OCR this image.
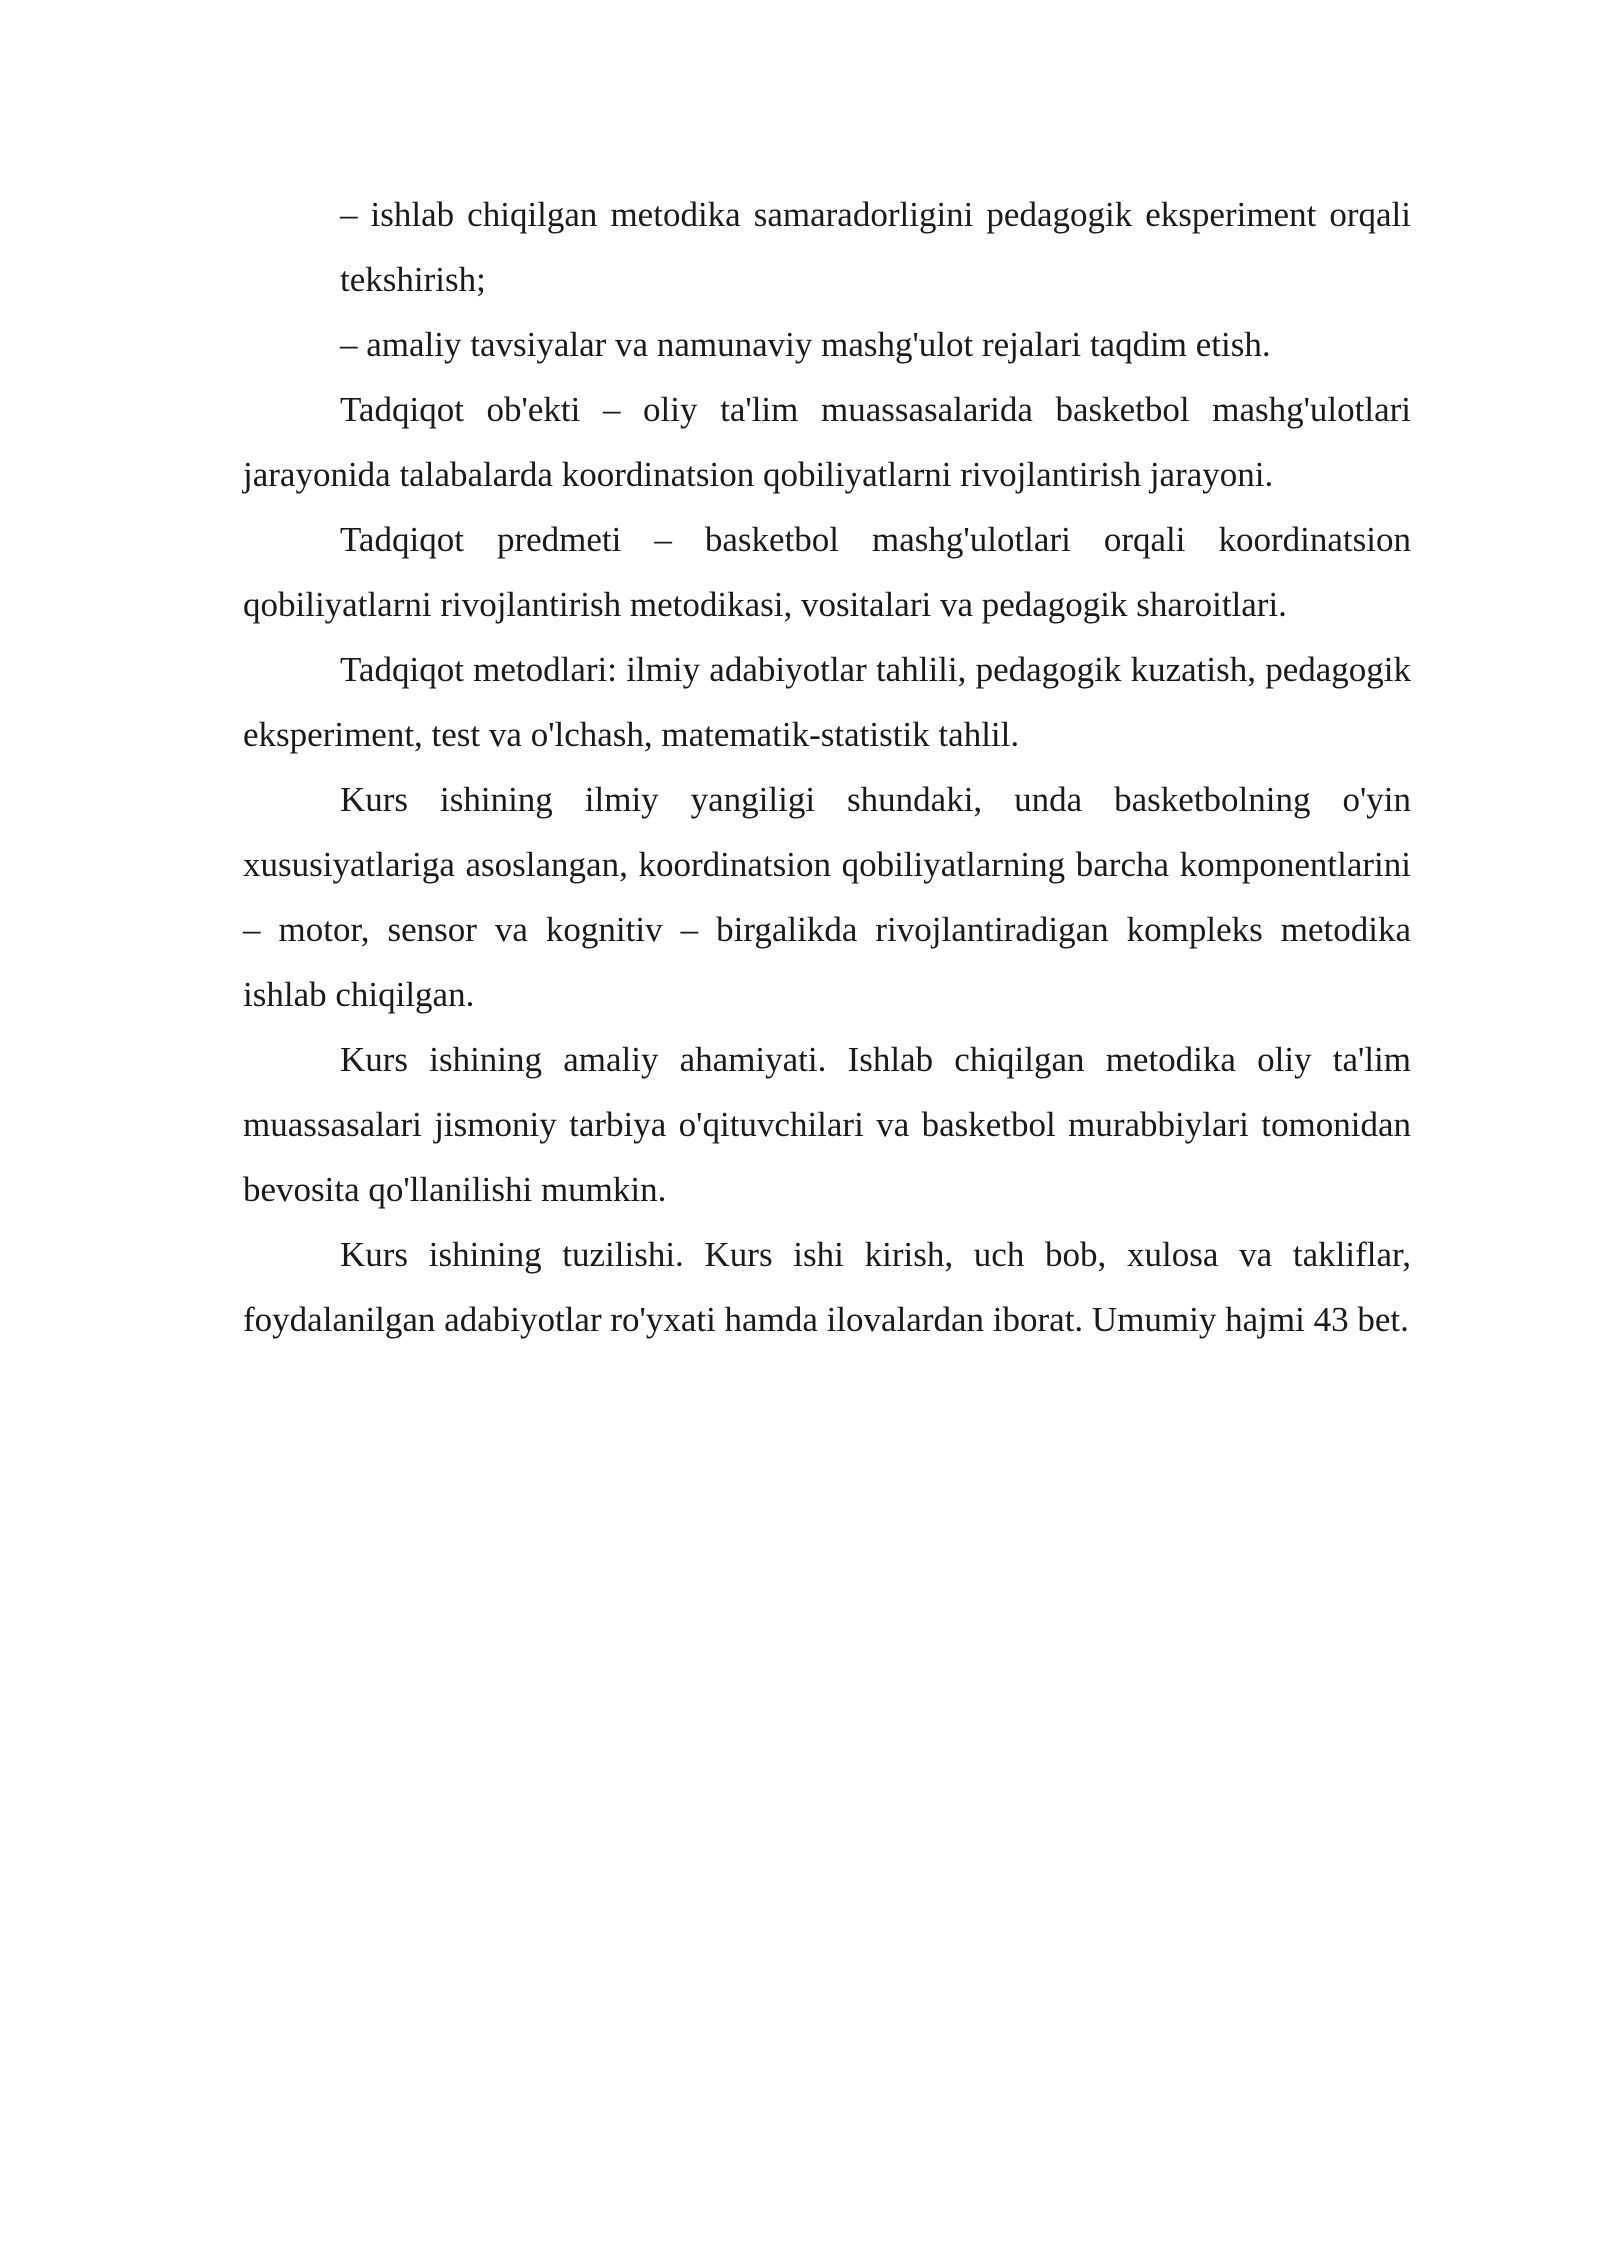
– ishlab chiqilgan metodika samaradorligini pedagogik eksperiment orqali tekshirish;

– amaliy tavsiyalar va namunaviy mashg'ulot rejalari taqdim etish.

Tadqiqot ob'ekti – oliy ta'lim muassasalarida basketbol mashg'ulotlari jarayonida talabalarda koordinatsion qobiliyatlarni rivojlantirish jarayoni.

Tadqiqot predmeti – basketbol mashg'ulotlari orqali koordinatsion qobiliyatlarni rivojlantirish metodikasi, vositalari va pedagogik sharoitlari.

Tadqiqot metodlari: ilmiy adabiyotlar tahlili, pedagogik kuzatish, pedagogik eksperiment, test va o'lchash, matematik-statistik tahlil.

Kurs ishining ilmiy yangiligi shundaki, unda basketbolning o'yin xususiyatlariga asoslangan, koordinatsion qobiliyatlarning barcha komponentlarini – motor, sensor va kognitiv – birgalikda rivojlantiradigan kompleks metodika ishlab chiqilgan.

Kurs ishining amaliy ahamiyati. Ishlab chiqilgan metodika oliy ta'lim muassasalari jismoniy tarbiya o'qituvchilari va basketbol murabbiylari tomonidan bevosita qo'llanilishi mumkin.

Kurs ishining tuzilishi. Kurs ishi kirish, uch bob, xulosa va takliflar, foydalanilgan adabiyotlar ro'yxati hamda ilovalardan iborat. Umumiy hajmi 43 bet.
